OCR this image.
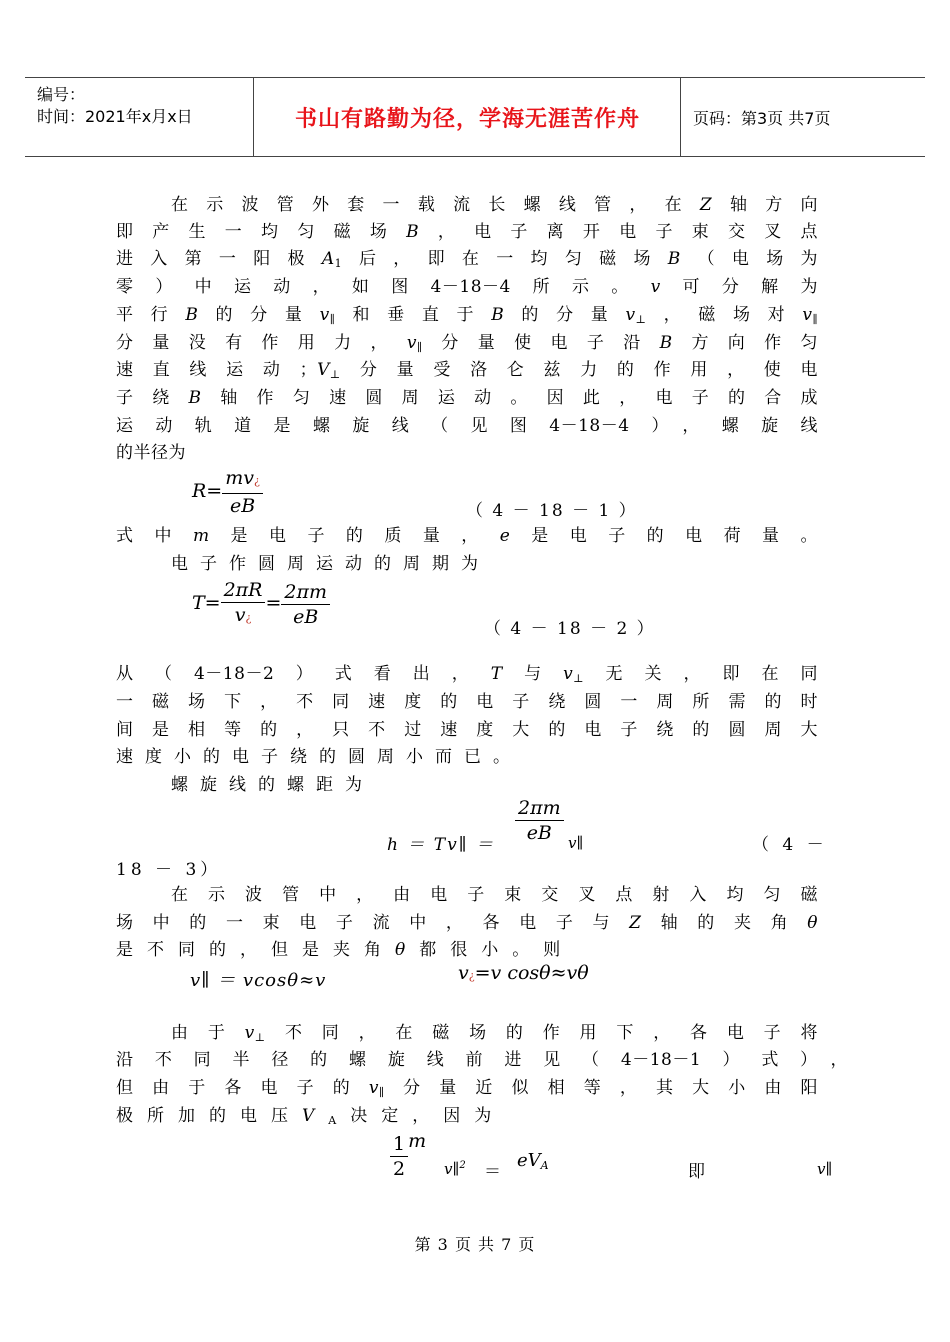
编号：
时间：2021年x月x日	书山有路勤为径，学海无涯苦作舟	页码：第3页 共7页
在示波管外套一载流长螺线管，在Z轴方向
即产生一均匀磁场B，电子离开电子束交叉点
进入第一阳极A1后，即在一均匀磁场B（电场为
零）中运动，如图4－18－4所示。v可分解为
平行B的分量v∥和垂直于B的分量v⊥，磁场对v∥
分量没有作用力，v∥分量使电子沿B方向作匀
速直线运动；V⊥分量受洛仑兹力的作用，使电
子绕B轴作匀速圆周运动。因此，电子的合成
运动轨道是螺旋线（见图4－18－4），螺旋线
的半径为
$R= \frac{mv¿}{eB}$	（ 4 － 18 － 1 ）
式中m是电子的质量，e是电子的电荷量。
电子作圆周运动的周期为
$T= \frac{2\pi R}{v¿} = \frac{2\pi m}{eB}$
（ 4 － 18 － 2 ）
从（4－18－2）式看出，T与v⊥无关，即在同
一磁场下，不同速度的电子绕圆一周所需的时
间是相等的，只不过速度大的电子绕的圆周大
速度小的电子绕的圆周小而已。
螺旋线的螺距为
$\frac{2\pi m}{eB}$
h ＝ Tv∥ ＝	v∥	（ 4 －
18 － 3）
在示波管中，由电子束交叉点射入均匀磁
场中的一束电子流中，各电子与Z轴的夹角θ
是不同的，但是夹角θ都很小。则
v∥ ＝ vcosθ≈v	v¿=v cosθ≈vθ
由于v⊥不同，在磁场的作用下，各电子将
沿不同半径的螺旋线前进见（4－18－1）式），
但由于各电子的v∥分量近似相等，其大小由阳
极所加的电压VA决定，因为
$\frac{1}{2}$ m
v∥$^2$ ＝
eVA	即	v∥
第 3 页 共 7 页
